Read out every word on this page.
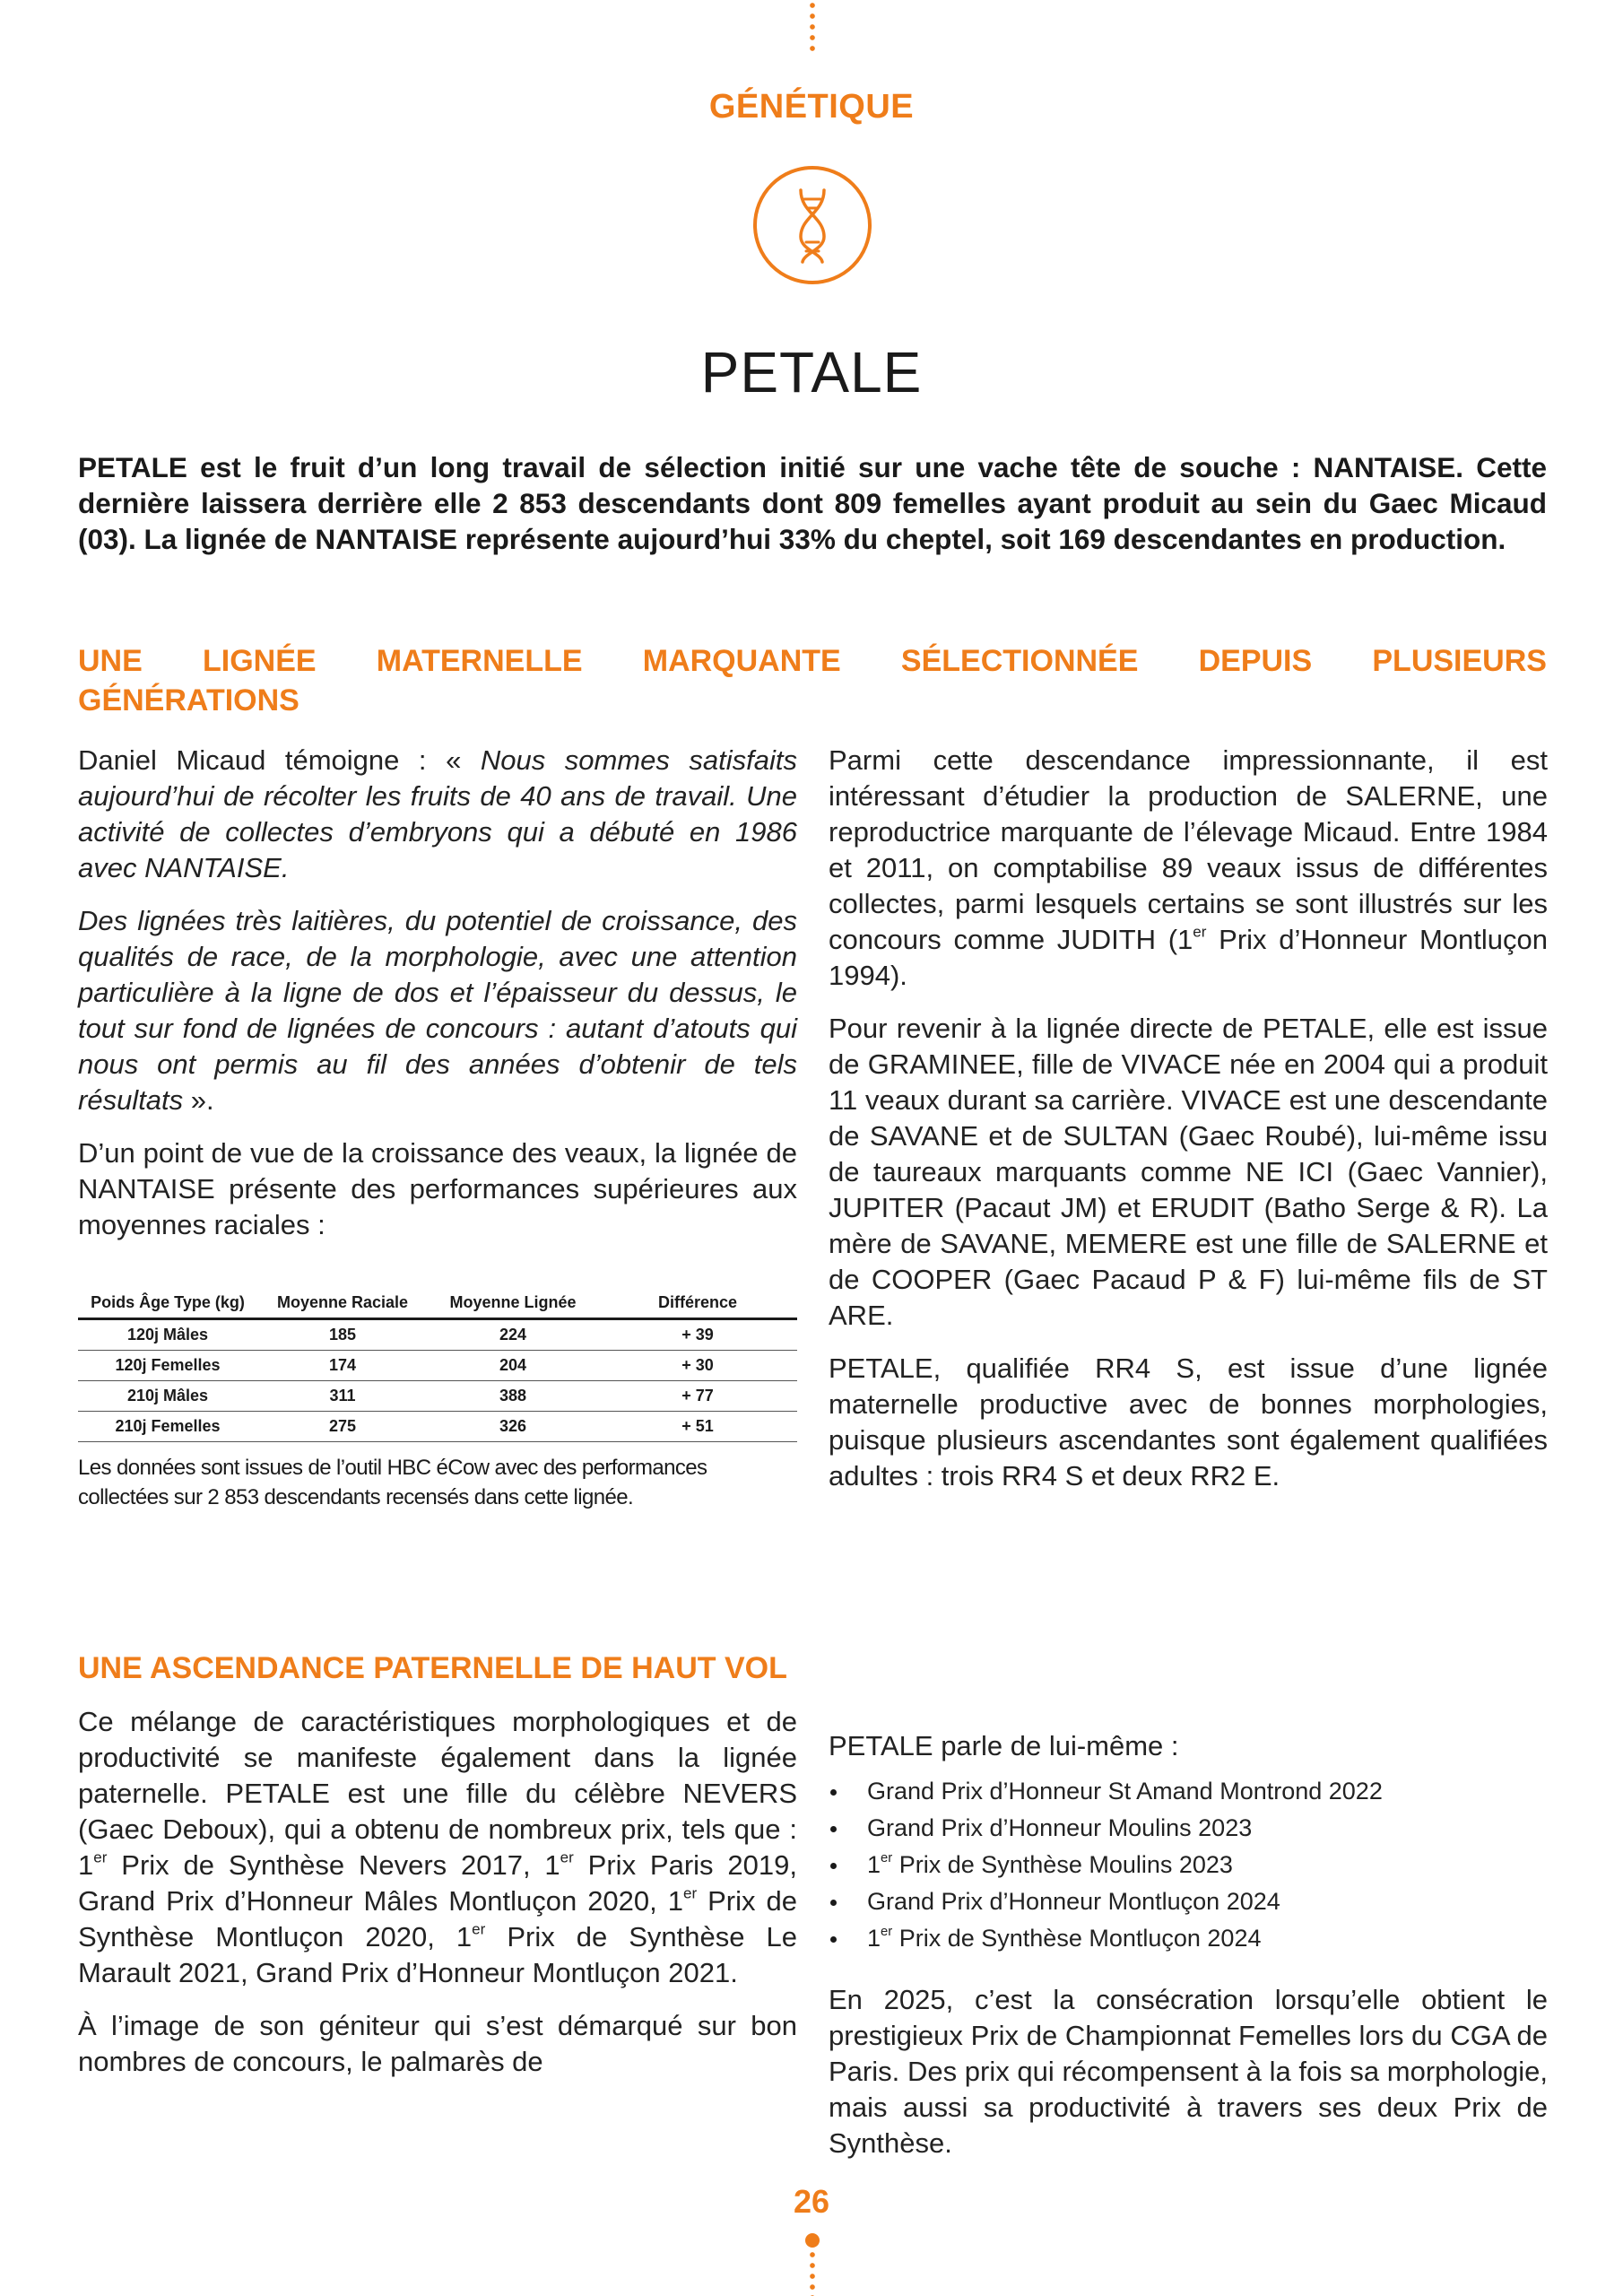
GÉNÉTIQUE
PETALE
PETALE est le fruit d’un long travail de sélection initié sur une vache tête de souche : NANTAISE. Cette dernière laissera derrière elle 2 853 descendants dont 809 femelles ayant produit au sein du Gaec Micaud (03). La lignée de NANTAISE représente aujourd’hui 33% du cheptel, soit 169 descendantes en production.
UNE LIGNÉE MATERNELLE MARQUANTE SÉLECTIONNÉE DEPUIS PLUSIEURS
GÉNÉRATIONS

Daniel Micaud témoigne : « Nous sommes satisfaits aujourd’hui de récolter les fruits de 40 ans de travail. Une activité de collectes d’embryons qui a débuté en 1986 avec NANTAISE.

Des lignées très laitières, du potentiel de croissance, des qualités de race, de la morphologie, avec une attention particulière à la ligne de dos et l’épaisseur du dessus, le tout sur fond de lignées de concours : autant d’atouts qui nous ont permis au fil des années d’obtenir de tels résultats ».

D’un point de vue de la croissance des veaux, la lignée de NANTAISE présente des performances supérieures aux moyennes raciales :

Poids Âge Type (kg)	Moyenne Raciale	Moyenne Lignée	Différence
120j Mâles	185	224	+ 39
120j Femelles	174	204	+ 30
210j Mâles	311	388	+ 77
210j Femelles	275	326	+ 51
Les données sont issues de l’outil HBC éCow avec des performances collectées sur 2 853 descendants recensés dans cette lignée.

Parmi cette descendance impressionnante, il est intéressant d’étudier la production de SALERNE, une reproductrice marquante de l’élevage Micaud. Entre 1984 et 2011, on comptabilise 89 veaux issus de différentes collectes, parmi lesquels certains se sont illustrés sur les concours comme JUDITH (1er Prix d’Honneur Montluçon 1994).

Pour revenir à la lignée directe de PETALE, elle est issue de GRAMINEE, fille de VIVACE née en 2004 qui a produit 11 veaux durant sa carrière. VIVACE est une descendante de SAVANE et de SULTAN (Gaec Roubé), lui-même issu de taureaux marquants comme NE ICI (Gaec Vannier), JUPITER (Pacaut JM) et ERUDIT (Batho Serge & R). La mère de SAVANE, MEMERE est une fille de SALERNE et de COOPER (Gaec Pacaud P & F) lui-même fils de ST ARE.

PETALE, qualifiée RR4 S, est issue d’une lignée maternelle productive avec de bonnes morphologies, puisque plusieurs ascendantes sont également qualifiées adultes : trois RR4 S et deux RR2 E.

UNE ASCENDANCE PATERNELLE DE HAUT VOL

Ce mélange de caractéristiques morphologiques et de productivité se manifeste également dans la lignée paternelle. PETALE est une fille du célèbre NEVERS (Gaec Deboux), qui a obtenu de nombreux prix, tels que : 1er Prix de Synthèse Nevers 2017, 1er Prix Paris 2019, Grand Prix d’Honneur Mâles Montluçon 2020, 1er Prix de Synthèse Montluçon 2020, 1er Prix de Synthèse Le Marault 2021, Grand Prix d’Honneur Montluçon 2021.

À l’image de son géniteur qui s’est démarqué sur bon nombres de concours, le palmarès de

PETALE parle de lui-même :

Grand Prix d’Honneur St Amand Montrond 2022
Grand Prix d’Honneur Moulins 2023
1er Prix de Synthèse Moulins 2023
Grand Prix d’Honneur Montluçon 2024
1er Prix de Synthèse Montluçon 2024

En 2025, c’est la consécration lorsqu’elle obtient le prestigieux Prix de Championnat Femelles lors du CGA de Paris. Des prix qui récompensent à la fois sa morphologie, mais aussi sa productivité à travers ses deux Prix de Synthèse.

26
